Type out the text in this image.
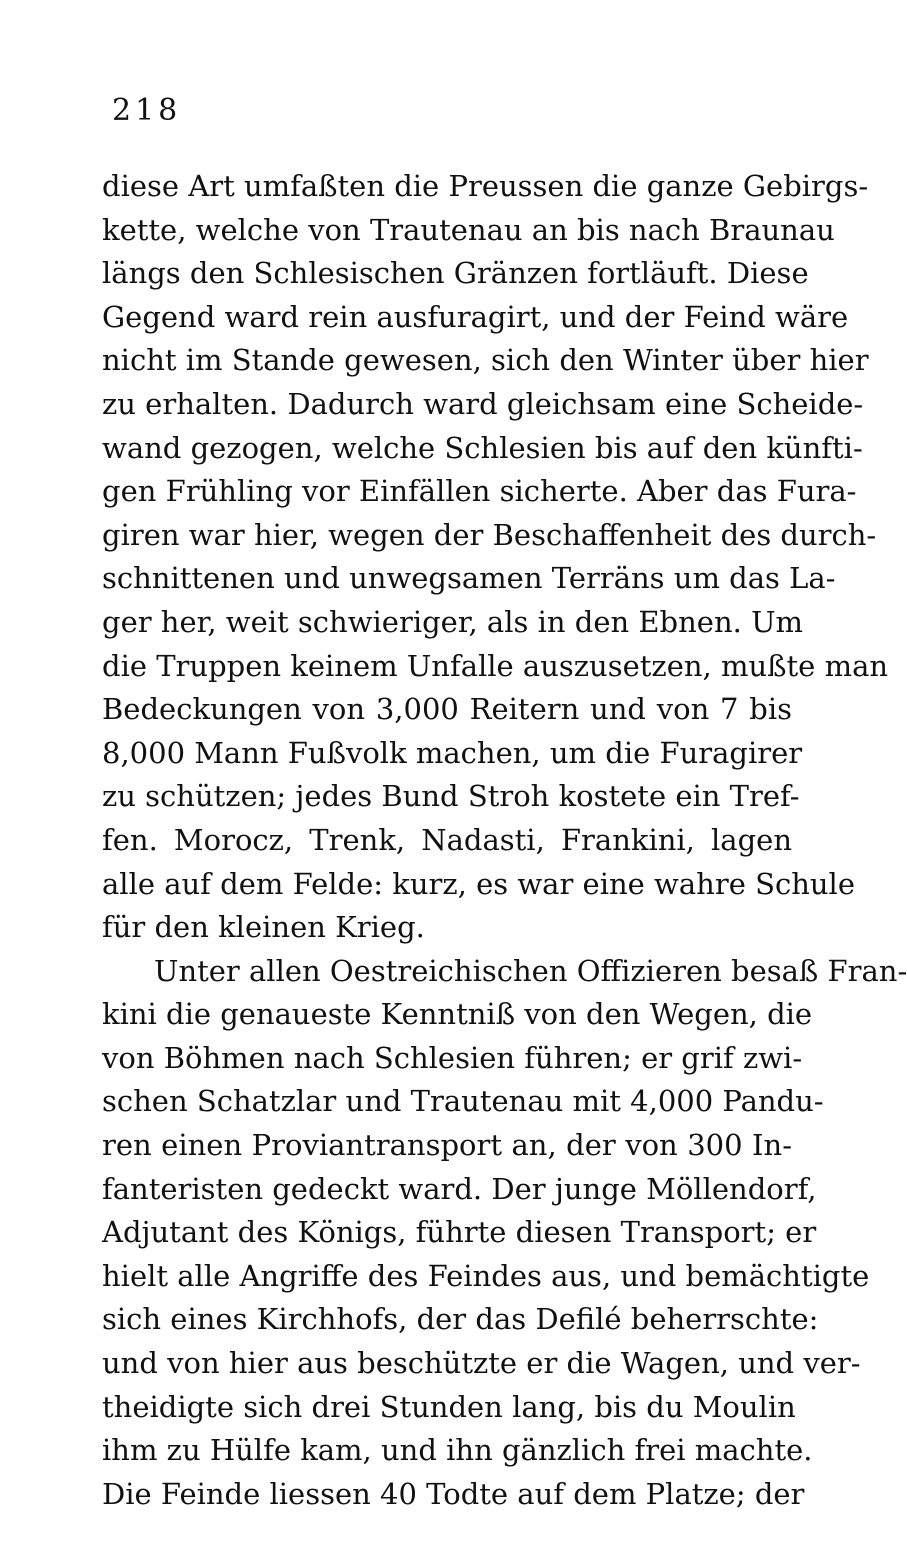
218
diese Art umfaßten die Preussen die ganze Gebirgs-
kette, welche von Trautenau an bis nach Braunau
längs den Schlesischen Gränzen fortläuft. Diese
Gegend ward rein ausfuragirt, und der Feind wäre
nicht im Stande gewesen, sich den Winter über hier
zu erhalten. Dadurch ward gleichsam eine Scheide-
wand gezogen, welche Schlesien bis auf den künfti-
gen Frühling vor Einfällen sicherte. Aber das Fura-
giren war hier, wegen der Beschaffenheit des durch-
schnittenen und unwegsamen Terräns um das La-
ger her, weit schwieriger, als in den Ebnen. Um
die Truppen keinem Unfalle auszusetzen, mußte man
Bedeckungen von 3,000 Reitern und von 7 bis
8,000 Mann Fußvolk machen, um die Furagirer
zu schützen; jedes Bund Stroh kostete ein Tref-
fen. Morocz, Trenk, Nadasti, Frankini, lagen
alle auf dem Felde: kurz, es war eine wahre Schule
für den kleinen Krieg.
Unter allen Oestreichischen Offizieren besaß Fran-
kini die genaueste Kenntniß von den Wegen, die
von Böhmen nach Schlesien führen; er grif zwi-
schen Schatzlar und Trautenau mit 4,000 Pandu-
ren einen Proviantransport an, der von 300 In-
fanteristen gedeckt ward. Der junge Möllendorf,
Adjutant des Königs, führte diesen Transport; er
hielt alle Angriffe des Feindes aus, und bemächtigte
sich eines Kirchhofs, der das Defilé beherrschte:
und von hier aus beschützte er die Wagen, und ver-
theidigte sich drei Stunden lang, bis du Moulin
ihm zu Hülfe kam, und ihn gänzlich frei machte.
Die Feinde liessen 40 Todte auf dem Platze; der
